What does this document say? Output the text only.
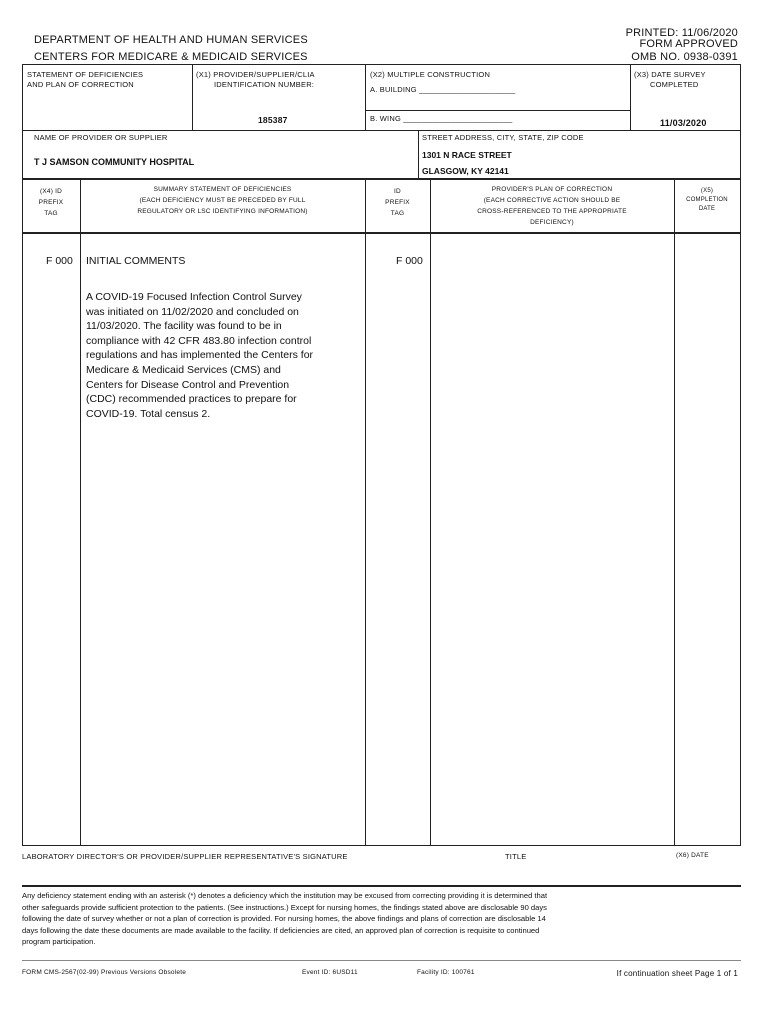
DEPARTMENT OF HEALTH AND HUMAN SERVICES
CENTERS FOR MEDICARE & MEDICAID SERVICES
PRINTED: 11/06/2020
FORM APPROVED
OMB NO. 0938-0391
STATEMENT OF DEFICIENCIES
AND PLAN OF CORRECTION
(X1) PROVIDER/SUPPLIER/CLIA
IDENTIFICATION NUMBER:
185387
(X2) MULTIPLE CONSTRUCTION
A. BUILDING ______________________
B. WING _________________________
(X3) DATE SURVEY
COMPLETED
11/03/2020
NAME OF PROVIDER OR SUPPLIER
T J SAMSON COMMUNITY HOSPITAL
STREET ADDRESS, CITY, STATE, ZIP CODE
1301 N RACE STREET
GLASGOW, KY 42141
(X4) ID
PREFIX
TAG
SUMMARY STATEMENT OF DEFICIENCIES
(EACH DEFICIENCY MUST BE PRECEDED BY FULL
REGULATORY OR LSC IDENTIFYING INFORMATION)
ID
PREFIX
TAG
PROVIDER'S PLAN OF CORRECTION
(EACH CORRECTIVE ACTION SHOULD BE
CROSS-REFERENCED TO THE APPROPRIATE
DEFICIENCY)
(X5)
COMPLETION
DATE
F 000 INITIAL COMMENTS	F 000
A COVID-19 Focused Infection Control Survey
was initiated on 11/02/2020 and concluded on
11/03/2020. The facility was found to be in
compliance with 42 CFR 483.80 infection control
regulations and has implemented the Centers for
Medicare & Medicaid Services (CMS) and
Centers for Disease Control and Prevention
(CDC) recommended practices to prepare for
COVID-19. Total census 2.
LABORATORY DIRECTOR'S OR PROVIDER/SUPPLIER REPRESENTATIVE'S SIGNATURE	TITLE	(X6) DATE
Any deficiency statement ending with an asterisk (*) denotes a deficiency which the institution may be excused from correcting providing it is determined that
other safeguards provide sufficient protection to the patients. (See instructions.) Except for nursing homes, the findings stated above are disclosable 90 days
following the date of survey whether or not a plan of correction is provided. For nursing homes, the above findings and plans of correction are disclosable 14
days following the date these documents are made available to the facility. If deficiencies are cited, an approved plan of correction is requisite to continued
program participation.
FORM CMS-2567(02-99) Previous Versions Obsolete	Event ID: 6USD11	Facility ID: 100761	If continuation sheet Page 1 of 1
